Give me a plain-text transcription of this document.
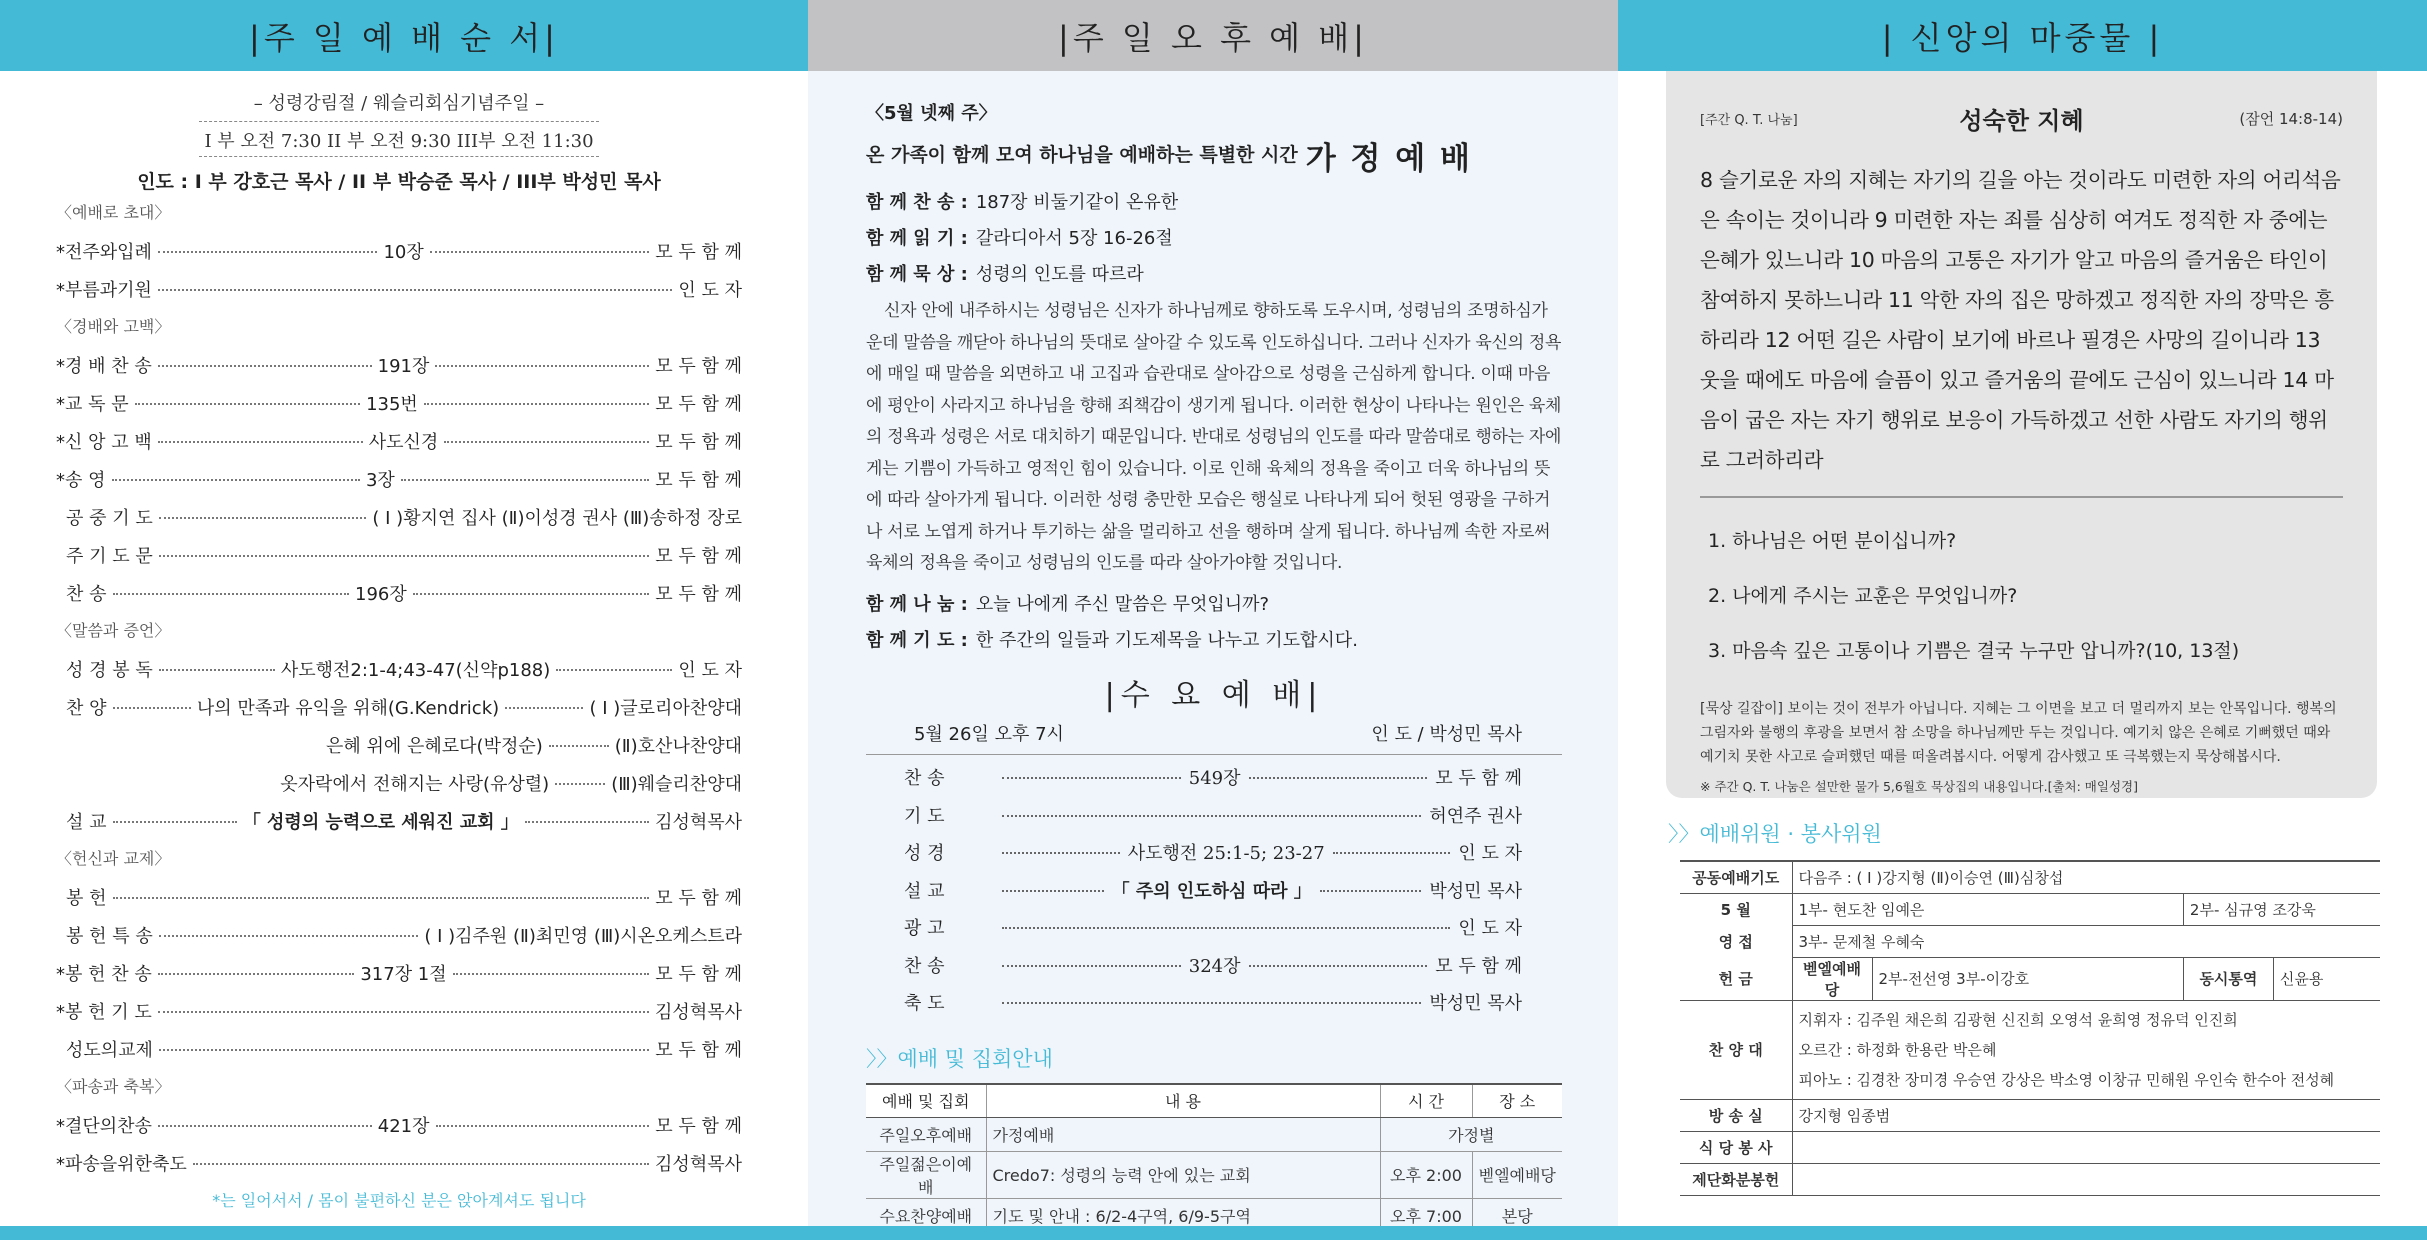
|주 일 예 배 순 서|
– 성령강림절 / 웨슬리회심기념주일 –
I 부 오전 7:30 II 부 오전 9:30 III부 오전 11:30
인도 : I 부 강호근 목사 / II 부 박승준 목사 / III부 박성민 목사
〈예배로 초대〉
*전주와입례	10장	모 두 함 께
*부름과기원	인 도 자
〈경배와 고백〉
*경 배 찬 송	191장	모 두 함 께
*교 독 문	135번	모 두 함 께
*신 앙 고 백	사도신경	모 두 함 께
*송 영	3장	모 두 함 께
공 중 기 도	( I )황지연 집사 (Ⅱ)이성경 권사 (Ⅲ)송하정 장로
주 기 도 문	모 두 함 께
찬 송	196장	모 두 함 께
〈말씀과 증언〉
성 경 봉 독	사도행전2:1-4;43-47(신약p188)	인 도 자
찬 양	나의 만족과 유익을 위해(G.Kendrick)	( I )글로리아찬양대
은혜 위에 은혜로다(박정순)	(Ⅱ)호산나찬양대
옷자락에서 전해지는 사랑(유상렬)	(Ⅲ)웨슬리찬양대
설 교	「 성령의 능력으로 세워진 교회 」	김성혁목사
〈헌신과 교제〉
봉 헌	모 두 함 께
봉 헌 특 송	( I )김주원 (Ⅱ)최민영 (Ⅲ)시온오케스트라
*봉 헌 찬 송	317장 1절	모 두 함 께
*봉 헌 기 도	김성혁목사
성도의교제	모 두 함 께
〈파송과 축복〉
*결단의찬송	421장	모 두 함 께
*파송을위한축도	김성혁목사
*는 일어서서 / 몸이 불편하신 분은 앉아계셔도 됩니다
|주 일 오 후 예 배|
〈5월 넷째 주〉
온 가족이 함께 모여 하나님을 예배하는 특별한 시간 가 정 예 배
함 께 찬 송 : 187장 비둘기같이 온유한
함 께 읽 기 : 갈라디아서 5장 16-26절
함 께 묵 상 : 성령의 인도를 따르라
신자 안에 내주하시는 성령님은 신자가 하나님께로 향하도록 도우시며, 성령님의 조명하심가운데 말씀을 깨닫아 하나님의 뜻대로 살아갈 수 있도록 인도하십니다. 그러나 신자가 육신의 정욕에 매일 때 말씀을 외면하고 내 고집과 습관대로 살아감으로 성령을 근심하게 합니다. 이때 마음에 평안이 사라지고 하나님을 향해 죄책감이 생기게 됩니다. 이러한 현상이 나타나는 원인은 육체의 정욕과 성령은 서로 대치하기 때문입니다. 반대로 성령님의 인도를 따라 말씀대로 행하는 자에게는 기쁨이 가득하고 영적인 힘이 있습니다. 이로 인해 육체의 정욕을 죽이고 더욱 하나님의 뜻에 따라 살아가게 됩니다. 이러한 성령 충만한 모습은 행실로 나타나게 되어 헛된 영광을 구하거나 서로 노엽게 하거나 투기하는 삶을 멀리하고 선을 행하며 살게 됩니다. 하나님께 속한 자로써 육체의 정욕을 죽이고 성령님의 인도를 따라 살아가야할 것입니다.
함 께 나 눔 : 오늘 나에게 주신 말씀은 무엇입니까?
함 께 기 도 : 한 주간의 일들과 기도제목을 나누고 기도합시다.
|수 요 예 배|
5월 26일 오후 7시	인 도 / 박성민 목사
찬 송	549장	모 두 함 께
기 도	허연주 권사
성 경	사도행전 25:1-5; 23-27	인 도 자
설 교	「 주의 인도하심 따라 」	박성민 목사
광 고	인 도 자
찬 송	324장	모 두 함 께
축 도	박성민 목사
〉〉예배 및 집회안내
예배 및 집회	내 용	시 간	장 소
주일오후예배	가정예배	가정별	
주일젊은이예배	Credo7: 성령의 능력 안에 있는 교회	오후 2:00	벧엘예배당
수요찬양예배	기도 및 안내 : 6/2-4구역, 6/9-5구역	오후 7:00	본당
| 신앙의 마중물 |
[주간 Q. T. 나눔]	성숙한 지혜	(잠언 14:8-14)
8 슬기로운 자의 지혜는 자기의 길을 아는 것이라도 미련한 자의 어리석음은 속이는 것이니라 9 미련한 자는 죄를 심상히 여겨도 정직한 자 중에는 은혜가 있느니라 10 마음의 고통은 자기가 알고 마음의 즐거움은 타인이 참여하지 못하느니라 11 악한 자의 집은 망하겠고 정직한 자의 장막은 흥하리라 12 어떤 길은 사람이 보기에 바르나 필경은 사망의 길이니라 13 웃을 때에도 마음에 슬픔이 있고 즐거움의 끝에도 근심이 있느니라 14 마음이 굽은 자는 자기 행위로 보응이 가득하겠고 선한 사람도 자기의 행위로 그러하리라
1. 하나님은 어떤 분이십니까?
2. 나에게 주시는 교훈은 무엇입니까?
3. 마음속 깊은 고통이나 기쁨은 결국 누구만 압니까?(10, 13절)
[묵상 길잡이] 보이는 것이 전부가 아닙니다. 지혜는 그 이면을 보고 더 멀리까지 보는 안목입니다. 행복의 그림자와 불행의 후광을 보면서 참 소망을 하나님께만 두는 것입니다. 예기치 않은 은혜로 기뻐했던 때와 예기치 못한 사고로 슬퍼했던 때를 떠올려봅시다. 어떻게 감사했고 또 극복했는지 묵상해봅시다.
※ 주간 Q. T. 나눔은 설만한 물가 5,6월호 묵상집의 내용입니다.[출처: 매일성경]
〉〉예배위원 · 봉사위원
공동예배기도	다음주 : ( I )강지형 (Ⅱ)이승연 (Ⅲ)심창섭			
5 월	1부- 현도찬 임예은		2부- 심규영 조강욱	
영 접	3부- 문제철 우혜숙			
헌 금	벧엘예배당	2부-전선영 3부-이강호	동시통역	신윤용
찬 양 대	지휘자 : 김주원 채은희 김광현 신진희 오영석 윤희영 정유덕 인진희
오르간 : 하정화 한용란 박은혜
피아노 : 김경찬 장미경 우승연 강상은 박소영 이창규 민해원 우인숙 한수아 전성혜			

방 송 실	강지형 임종범			
식 당 봉 사				
제단화분봉헌				
